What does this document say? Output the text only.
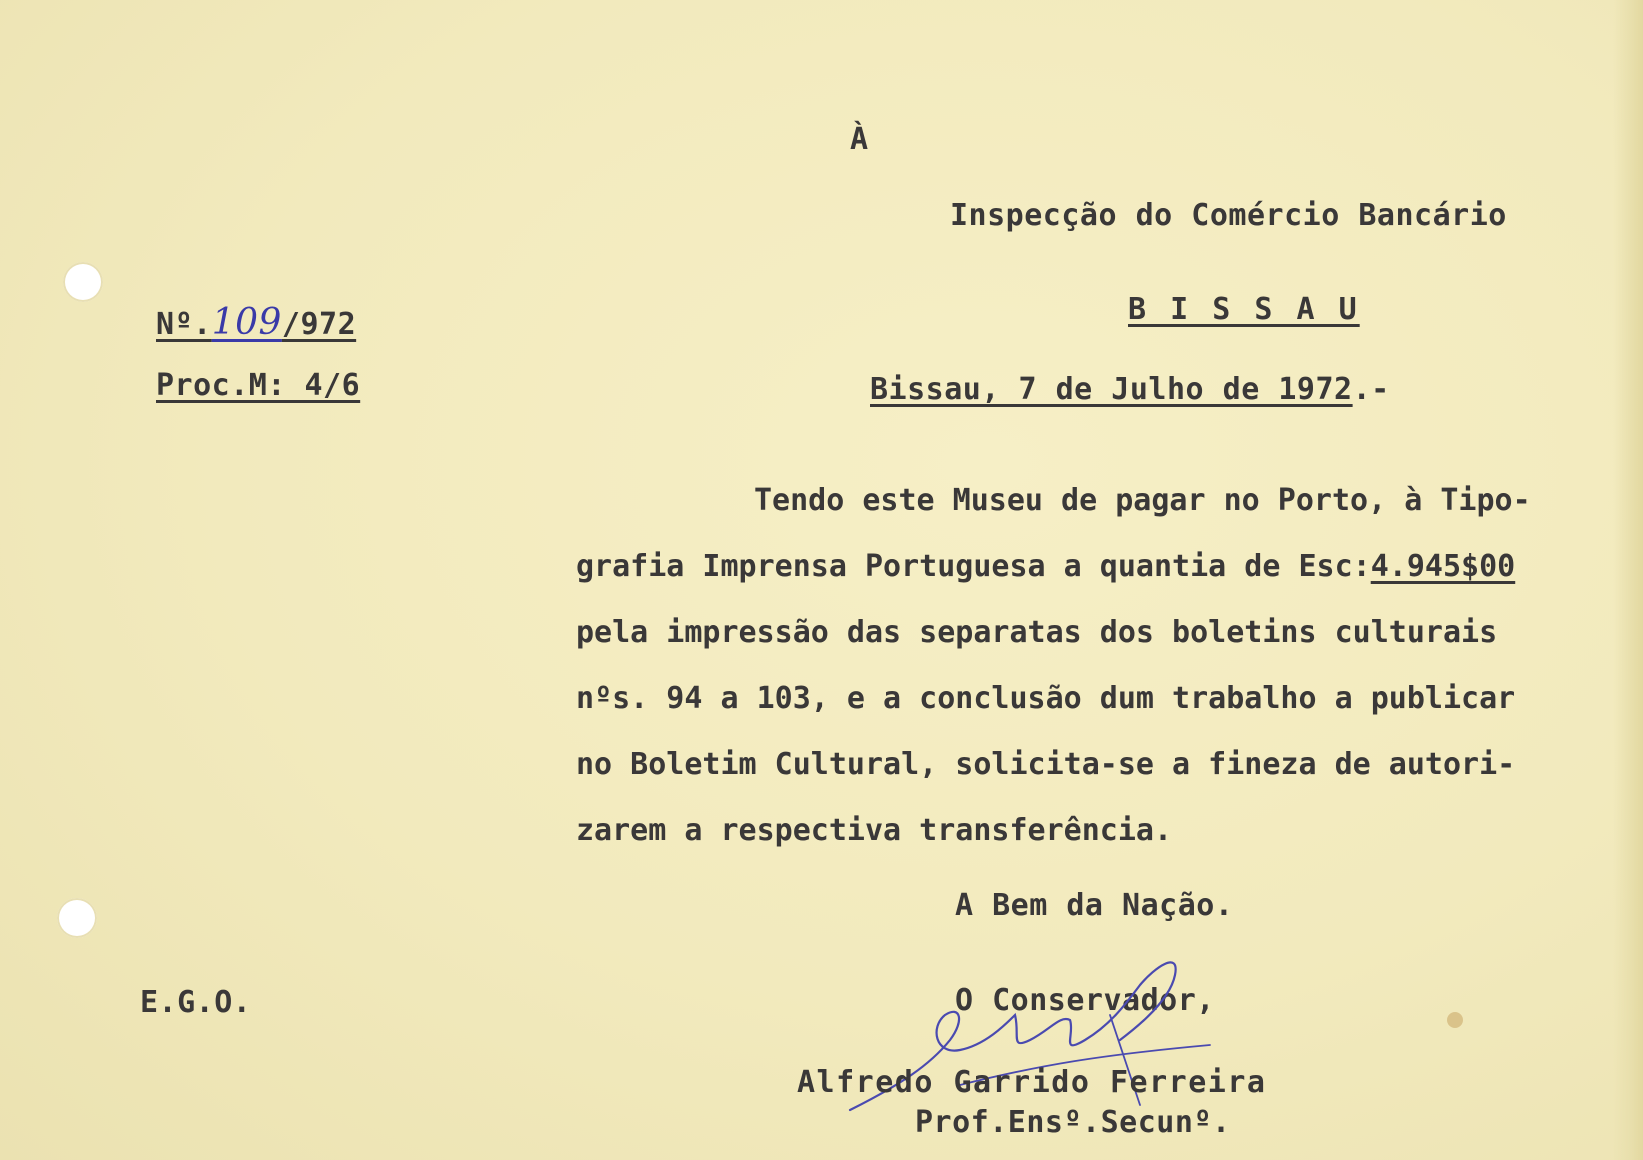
À
Inspecção do Comércio Bancário
B I S S A U
Nº.109/972
Proc.M: 4/6	Bissau, 7 de Julho de 1972.-
Tendo este Museu de pagar no Porto, à Tipo-
grafia Imprensa Portuguesa a quantia de Esc:4.945$00
pela impressão das separatas dos boletins culturais
nºs. 94 a 103, e a conclusão dum trabalho a publicar
no Boletim Cultural, solicita-se a fineza de autori-
zarem a respectiva transferência.
A Bem da Nação.
E.G.O.	O Conservador,
Alfredo Garrido Ferreira
Prof.Ensº.Secunº.
